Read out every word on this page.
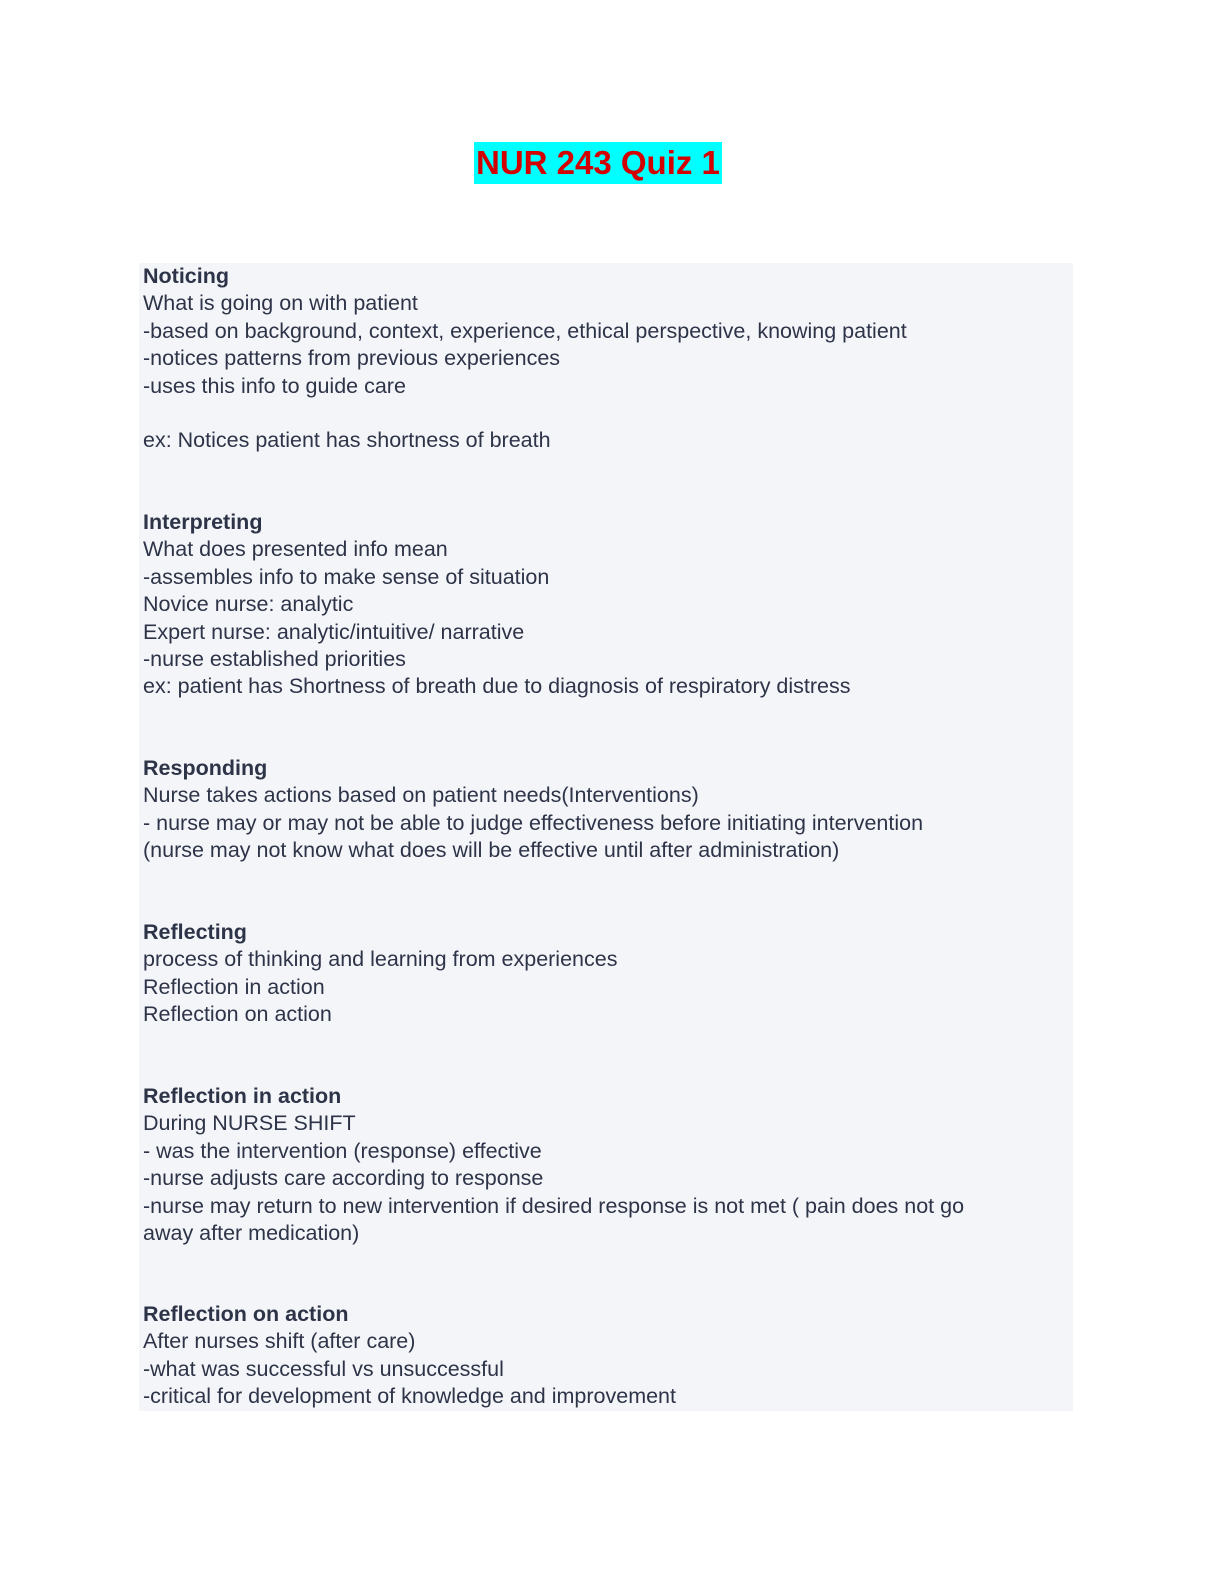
NUR 243 Quiz 1
Noticing
What is going on with patient
-based on background, context, experience, ethical perspective, knowing patient
-notices patterns from previous experiences
-uses this info to guide care
ex: Notices patient has shortness of breath
Interpreting
What does presented info mean
-assembles info to make sense of situation
Novice nurse: analytic
Expert nurse: analytic/intuitive/ narrative
-nurse established priorities
ex: patient has Shortness of breath due to diagnosis of respiratory distress
Responding
Nurse takes actions based on patient needs(Interventions)
- nurse may or may not be able to judge effectiveness before initiating intervention
(nurse may not know what does will be effective until after administration)
Reflecting
process of thinking and learning from experiences
Reflection in action
Reflection on action
Reflection in action
During NURSE SHIFT
- was the intervention (response) effective
-nurse adjusts care according to response
-nurse may return to new intervention if desired response is not met ( pain does not go
away after medication)
Reflection on action
After nurses shift (after care)
-what was successful vs unsuccessful
-critical for development of knowledge and improvement
